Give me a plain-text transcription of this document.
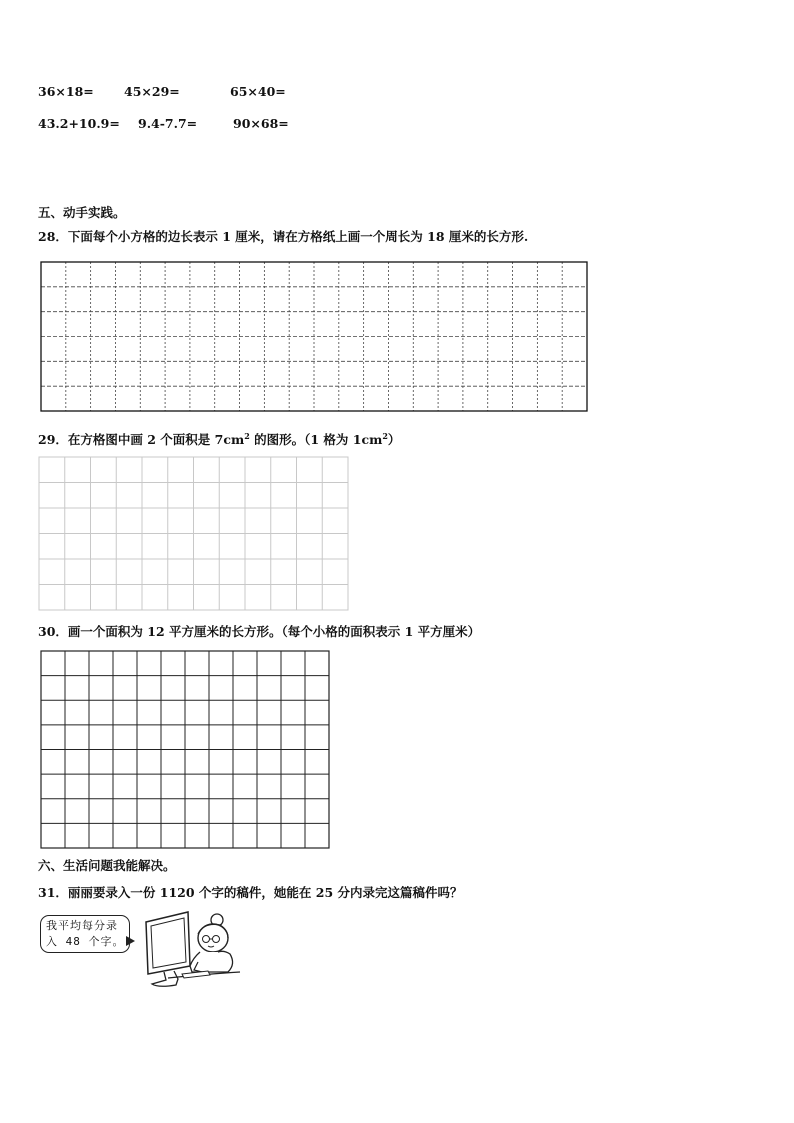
36×18= 45×29=	65×40=
43.2+10.9= 9.4-7.7=	90×68=
五、动手实践。
28．下面每个小方格的边长表示 1 厘米，请在方格纸上画一个周长为 18 厘米的长方形.
29．在方格图中画 2 个面积是 $7cm^2$ 的图形。（1 格为 $1cm^2$）
30．画一个面积为 12 平方厘米的长方形。（每个小格的面积表示 1 平方厘米）
六、生活问题我能解决。
31．丽丽要录入一份 1120 个字的稿件，她能在 25 分内录完这篇稿件吗？
我平均每分录
入 48 个字。
